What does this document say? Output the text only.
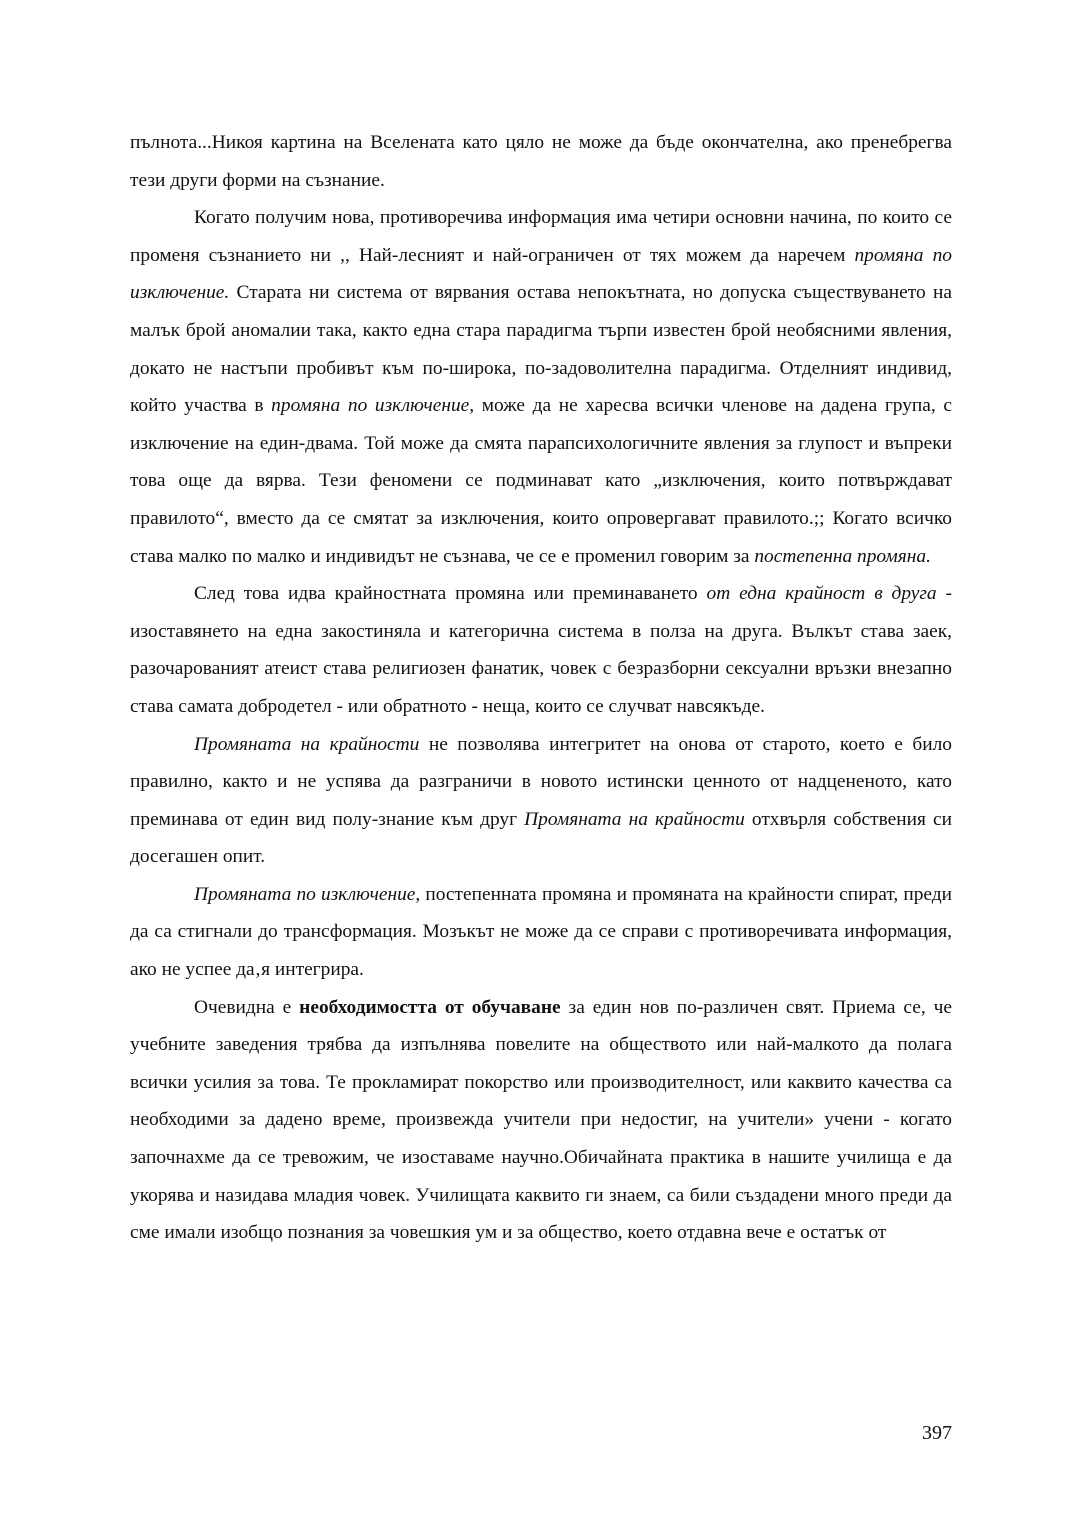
пълнота...Никоя картина на Вселената като цяло не може да бъде окончателна, ако пренебрегва тези други форми на съзнание.

Когато получим нова, противоречива информация има четири основни начина, по които се променя съзнанието ни ,, Най-лесният и най-ограничен от тях можем да наречем промяна по изключение. Старата ни система от вярвания остава непокътната, но допуска съществуването на малък брой аномалии така, както една стара парадигма търпи известен брой необясними явления, докато не настъпи пробивът към по-широка, по-задоволителна парадигма. Отделният индивид, който участва в промяна по изключение, може да не харесва всички членове на дадена група, с изключение на един-двама. Той може да смята парапсихологичните явления за глупост и въпреки това още да вярва. Тези феномени се подминават като „изключения, които потвърждават правилото“, вместо да се смятат за изключения, които опровергават правилото.;; Когато всичко става малко по малко и индивидът не съзнава, че се е променил говорим за постепенна промяна.

След това идва крайностната промяна или преминаването от една крайност в друга - изоставянето на една закостиняла и категорична система в полза на друга. Вълкът става заек, разочарованият атеист става религиозен фанатик, човек с безразборни сексуални връзки внезапно става самата добродетел - или обратното - неща, които се случват навсякъде.

Промяната на крайности не позволява интегритет на онова от старото, което е било правилно, както и не успява да разграничи в новото истински ценното от надцененото, като преминава от един вид полу-знание към друг Промяната на крайности отхвърля собствения си досегашен опит.

Промяната по изключение, постепенната промяна и промяната на крайности спират, преди да са стигнали до трансформация. Мозъкът не може да се справи с противоречивата информация, ако не успее да‚я интегрира.

Очевидна е необходимостта от обучаване за един нов по-различен свят. Приема се, че учебните заведения трябва да изпълнява повелите на обществото или най-малкото да полага всички усилия за това. Те прокламират покорство или производителност, или каквито качества са необходими за дадено време, произвежда учители при недостиг, на учители» учени - когато започнахме да се тревожим, че изоставаме научно.Обичайната практика в нашите училища е да укорява и назидава младия човек. Училищата каквито ги знаем, са били създадени много преди да сме имали изобщо познания за човешкия ум и за общество, което отдавна вече е остатък от

397
